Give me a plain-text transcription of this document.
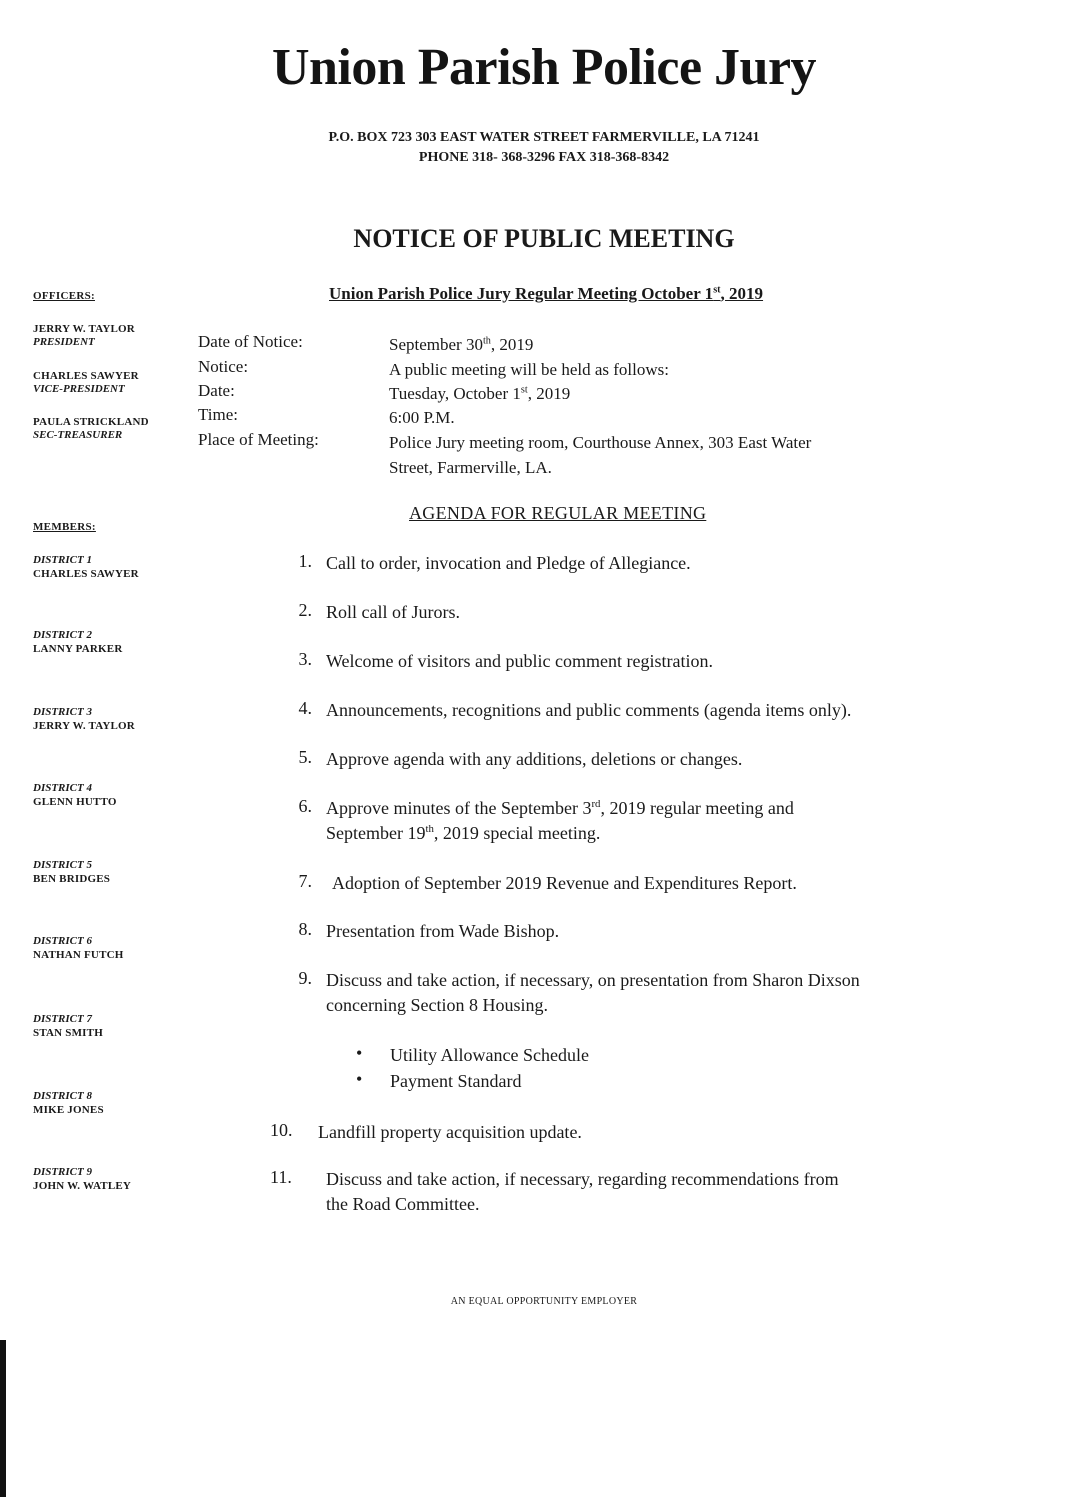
Union Parish Police Jury
P.O. BOX 723 303 EAST WATER STREET FARMERVILLE, LA 71241
PHONE 318- 368-3296 FAX 318-368-8342
NOTICE OF PUBLIC MEETING
Union Parish Police Jury Regular Meeting October 1st, 2019
OFFICERS:
JERRY W. TAYLOR
PRESIDENT
CHARLES SAWYER
VICE-PRESIDENT
PAULA STRICKLAND
SEC-TREASURER
Date of Notice:	September 30th, 2019
Notice:	A public meeting will be held as follows:
Date:	Tuesday, October 1st, 2019
Time:	6:00 P.M.
Place of Meeting:	Police Jury meeting room, Courthouse Annex, 303 East Water
Street, Farmerville, LA.
MEMBERS:
DISTRICT 1
CHARLES SAWYER
DISTRICT 2
LANNY PARKER
DISTRICT 3
JERRY W. TAYLOR
DISTRICT 4
GLENN HUTTO
DISTRICT 5
BEN BRIDGES
DISTRICT 6
NATHAN FUTCH
DISTRICT 7
STAN SMITH
DISTRICT 8
MIKE JONES
DISTRICT 9
JOHN W. WATLEY
AGENDA FOR REGULAR MEETING
1. Call to order, invocation and Pledge of Allegiance.
2. Roll call of Jurors.
3. Welcome of visitors and public comment registration.
4. Announcements, recognitions and public comments (agenda items only).
5. Approve agenda with any additions, deletions or changes.
6. Approve minutes of the September 3rd, 2019 regular meeting and
September 19th, 2019 special meeting.
7. Adoption of September 2019 Revenue and Expenditures Report.
8. Presentation from Wade Bishop.
9. Discuss and take action, if necessary, on presentation from Sharon Dixson
concerning Section 8 Housing.
• Utility Allowance Schedule
• Payment Standard
10.	Landfill property acquisition update.
11.	Discuss and take action, if necessary, regarding recommendations from
the Road Committee.
AN EQUAL OPPORTUNITY EMPLOYER
